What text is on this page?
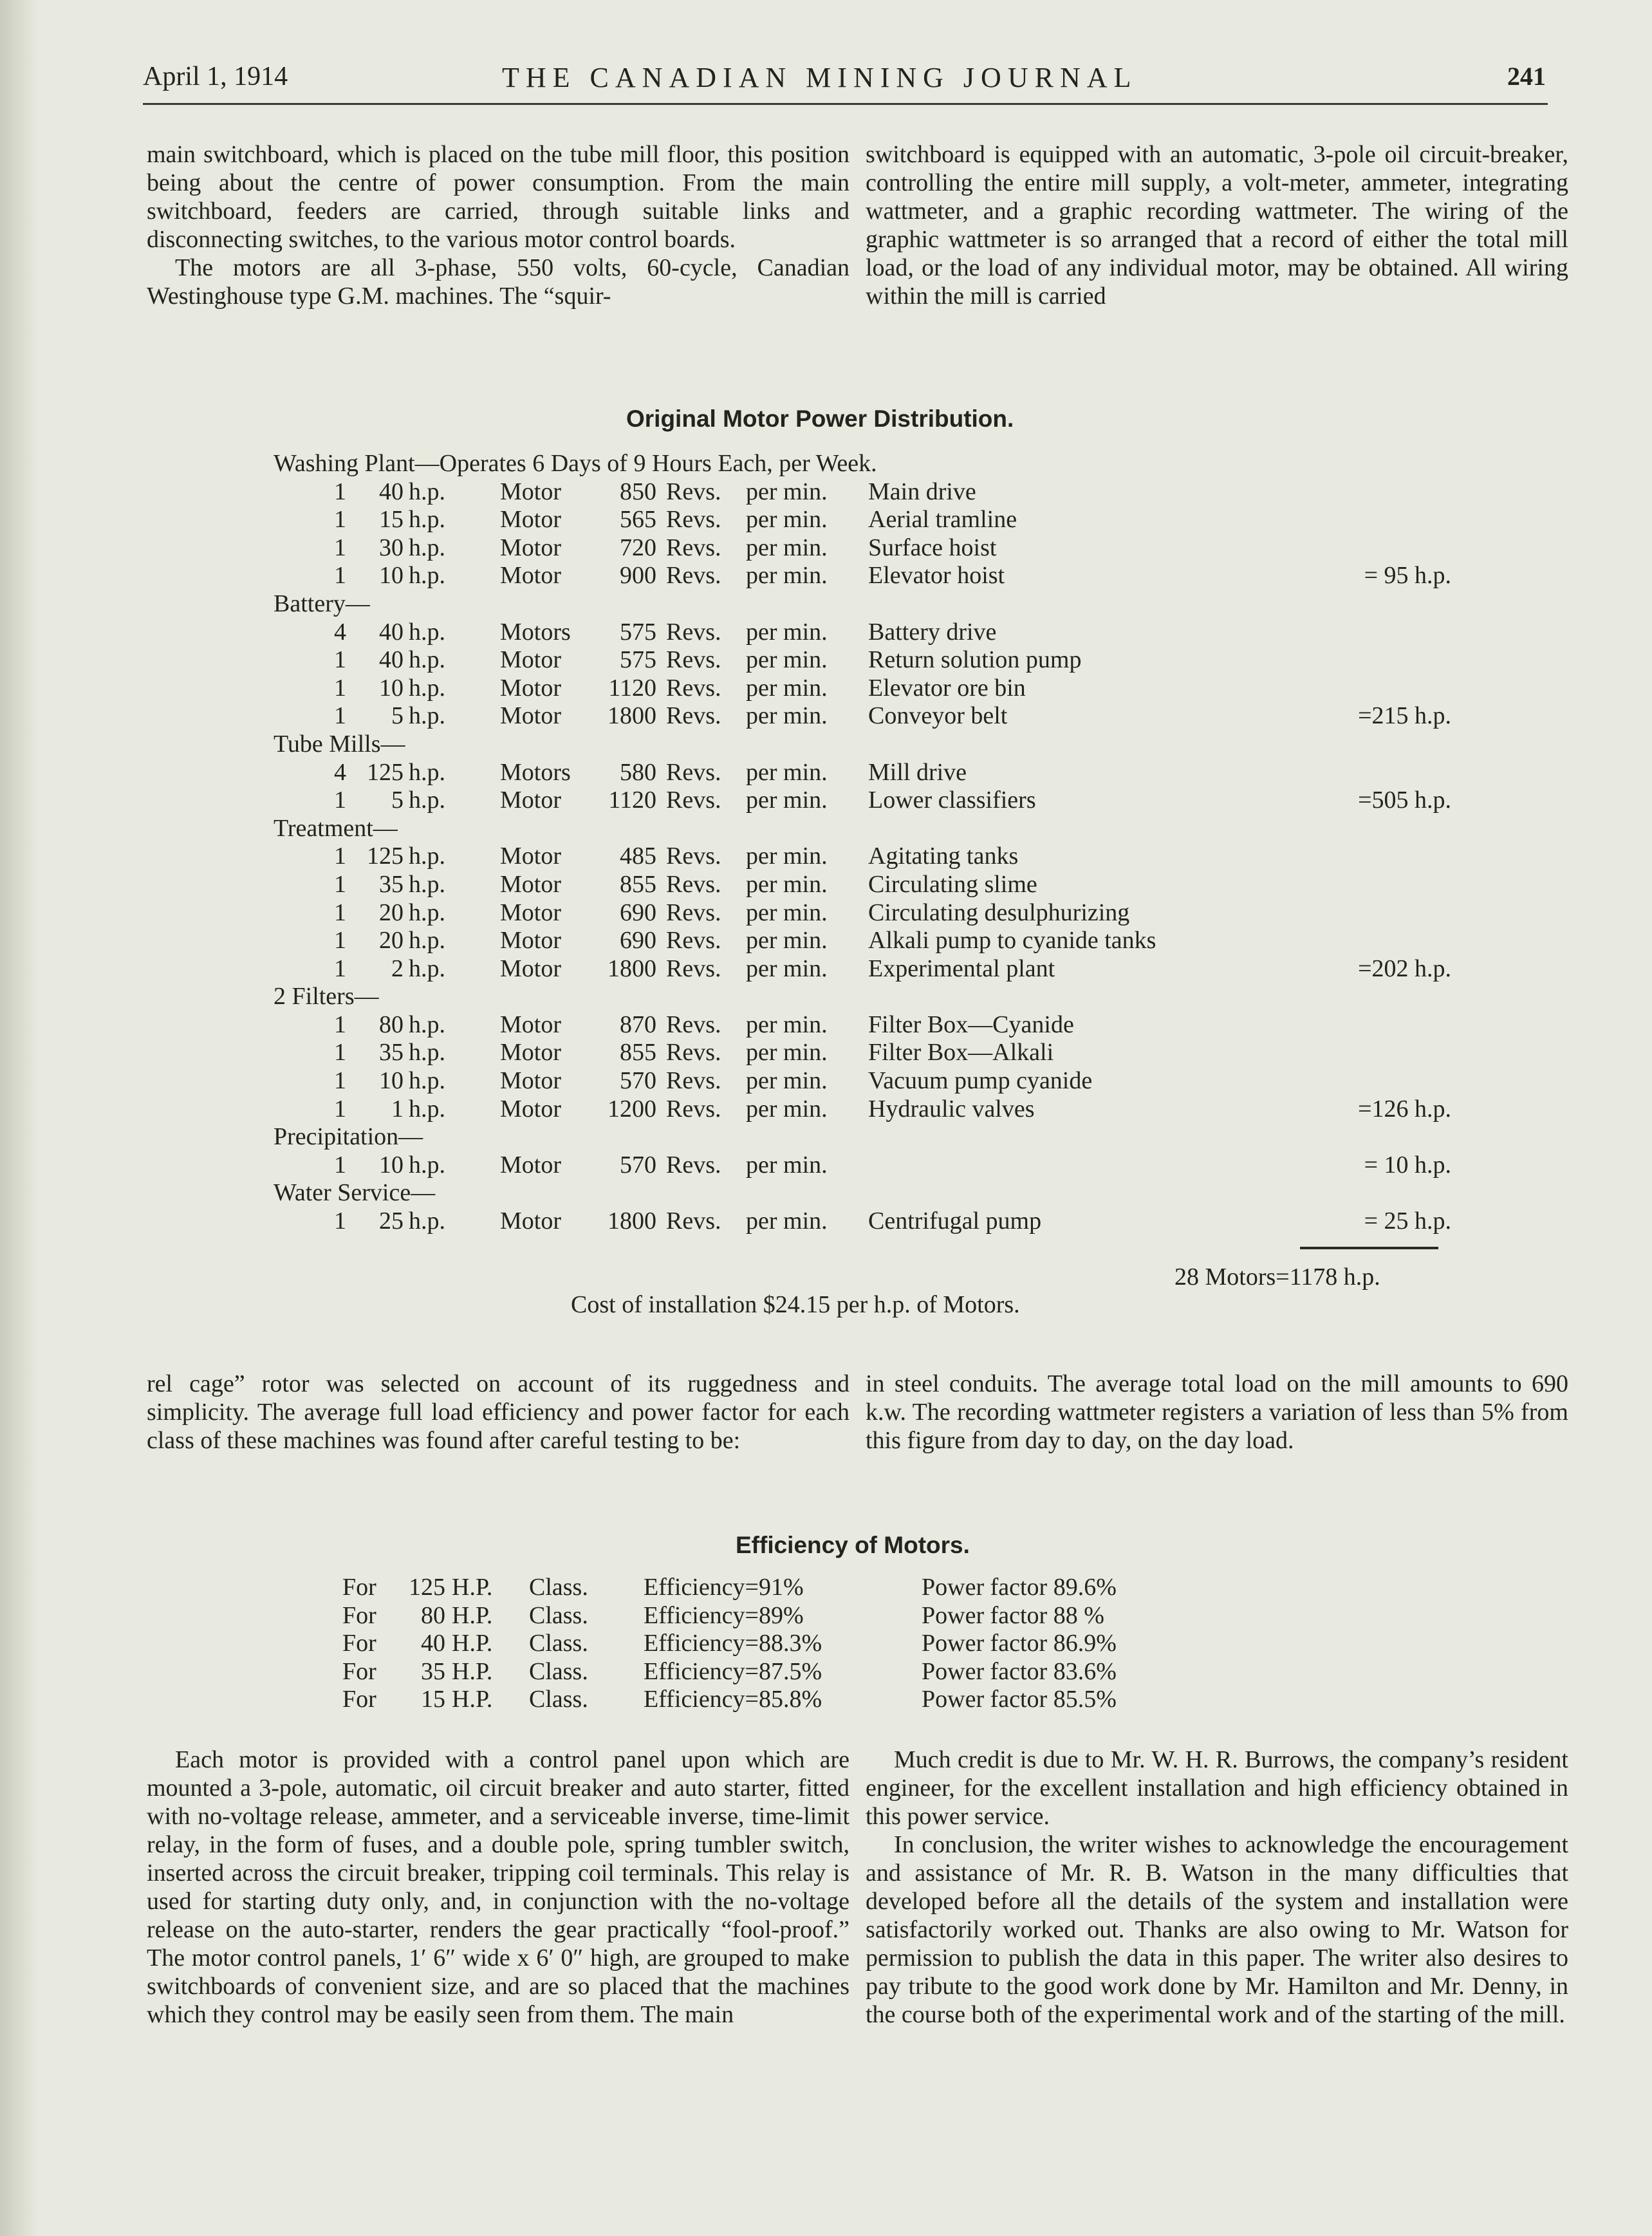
April 1, 1914	THE CANADIAN MINING JOURNAL	241

main switchboard, which is placed on the tube mill floor, this position being about the centre of power consumption. From the main switchboard, feeders are carried, through suitable links and disconnecting switches, to the various motor control boards.

The motors are all 3-phase, 550 volts, 60-cycle, Canadian Westinghouse type G.M. machines. The “squir-

switchboard is equipped with an automatic, 3-pole oil circuit-breaker, controlling the entire mill supply, a volt-meter, ammeter, integrating wattmeter, and a graphic recording wattmeter. The wiring of the graphic wattmeter is so arranged that a record of either the total mill load, or the load of any individual motor, may be obtained. All wiring within the mill is carried

Original Motor Power Distribution.
Washing Plant—Operates 6 Days of 9 Hours Each, per Week.
1	40 h.p. Motor	850 Revs. per min. Main drive
1	15 h.p. Motor	565 Revs. per min. Aerial tramline
1	30 h.p. Motor	720 Revs. per min. Surface hoist
1	10 h.p. Motor	900 Revs. per min. Elevator hoist	= 95 h.p.
Battery—
4	40 h.p. Motors	575 Revs. per min. Battery drive
1	40 h.p. Motor	575 Revs. per min. Return solution pump
1	10 h.p. Motor	1120 Revs. per min. Elevator ore bin
1	5 h.p. Motor	1800 Revs. per min. Conveyor belt	=215 h.p.
Tube Mills—
4 125 h.p. Motors	580 Revs. per min. Mill drive
1	5 h.p. Motor	1120 Revs. per min. Lower classifiers	=505 h.p.
Treatment—
1 125 h.p. Motor	485 Revs. per min. Agitating tanks
1	35 h.p. Motor	855 Revs. per min. Circulating slime
1	20 h.p. Motor	690 Revs. per min. Circulating desulphurizing
1	20 h.p. Motor	690 Revs. per min. Alkali pump to cyanide tanks
1	2 h.p. Motor	1800 Revs. per min. Experimental plant	=202 h.p.
2 Filters—
1	80 h.p. Motor	870 Revs. per min. Filter Box—Cyanide
1	35 h.p. Motor	855 Revs. per min. Filter Box—Alkali
1	10 h.p. Motor	570 Revs. per min. Vacuum pump cyanide
1	1 h.p. Motor	1200 Revs. per min. Hydraulic valves	=126 h.p.
Precipitation—
1	10 h.p. Motor	570 Revs. per min.	= 10 h.p.
Water Service—
1	25 h.p. Motor	1800 Revs. per min. Centrifugal pump	= 25 h.p.
28 Motors=1178 h.p.
Cost of installation $24.15 per h.p. of Motors.

rel cage” rotor was selected on account of its ruggedness and simplicity. The average full load efficiency and power factor for each class of these machines was found after careful testing to be:

in steel conduits. The average total load on the mill amounts to 690 k.w. The recording wattmeter registers a variation of less than 5% from this figure from day to day, on the day load.

Efficiency of Motors.
For	125 H.P. Class. Efficiency=91%	Power factor 89.6%
For	80 H.P. Class. Efficiency=89%	Power factor 88 %
For	40 H.P. Class. Efficiency=88.3%	Power factor 86.9%
For	35 H.P. Class. Efficiency=87.5%	Power factor 83.6%
For	15 H.P. Class. Efficiency=85.8%	Power factor 85.5%

Each motor is provided with a control panel upon which are mounted a 3-pole, automatic, oil circuit breaker and auto starter, fitted with no-voltage release, ammeter, and a serviceable inverse, time-limit relay, in the form of fuses, and a double pole, spring tumbler switch, inserted across the circuit breaker, tripping coil terminals. This relay is used for starting duty only, and, in conjunction with the no-voltage release on the auto-starter, renders the gear practically “fool-proof.” The motor control panels, 1′ 6″ wide x 6′ 0″ high, are grouped to make switchboards of convenient size, and are so placed that the machines which they control may be easily seen from them. The main

Much credit is due to Mr. W. H. R. Burrows, the company’s resident engineer, for the excellent installation and high efficiency obtained in this power service.

In conclusion, the writer wishes to acknowledge the encouragement and assistance of Mr. R. B. Watson in the many difficulties that developed before all the details of the system and installation were satisfactorily worked out. Thanks are also owing to Mr. Watson for permission to publish the data in this paper. The writer also desires to pay tribute to the good work done by Mr. Hamilton and Mr. Denny, in the course both of the experimental work and of the starting of the mill.
